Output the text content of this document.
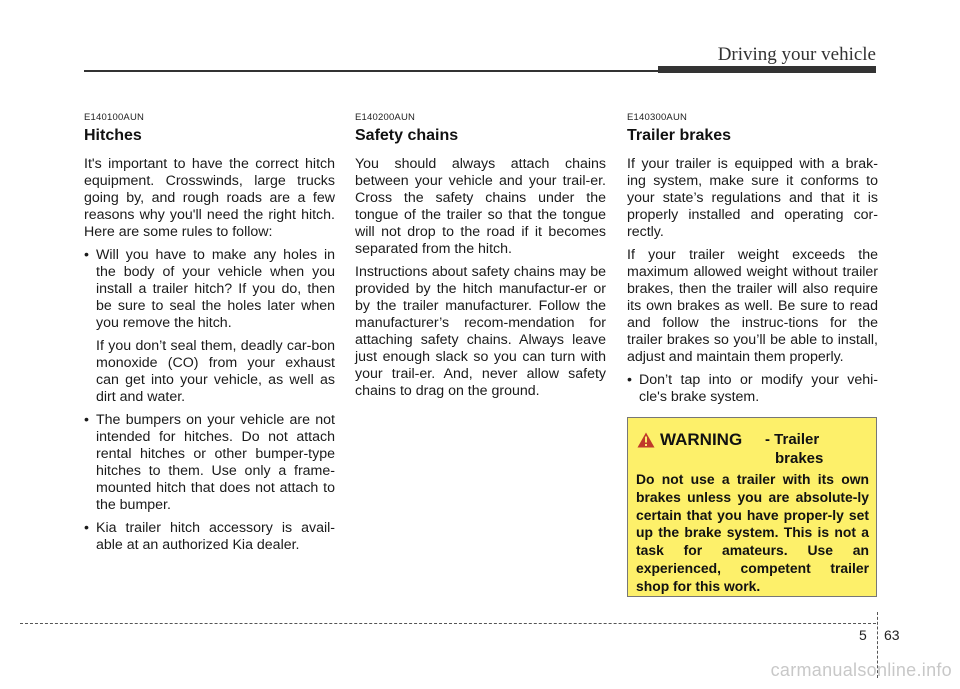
Driving your vehicle
E140100AUN
Hitches

It's important to have the correct hitch equipment. Crosswinds, large trucks going by, and rough roads are a few reasons why you'll need the right hitch. Here are some rules to follow:

• Will you have to make any holes in the body of your vehicle when you install a trailer hitch? If you do, then be sure to seal the holes later when you remove the hitch.

If you don’t seal them, deadly car-bon monoxide (CO) from your exhaust can get into your vehicle, as well as dirt and water.

• The bumpers on your vehicle are not intended for hitches. Do not attach rental hitches or other bumper-type hitches to them. Use only a frame-mounted hitch that does not attach to the bumper.
• Kia trailer hitch accessory is avail-able at an authorized Kia dealer.
E140200AUN
Safety chains

You should always attach chains between your vehicle and your trail-er. Cross the safety chains under the tongue of the trailer so that the tongue will not drop to the road if it becomes separated from the hitch.

Instructions about safety chains may be provided by the hitch manufactur-er or by the trailer manufacturer. Follow the manufacturer’s recom-mendation for attaching safety chains. Always leave just enough slack so you can turn with your trail-er. And, never allow safety chains to drag on the ground.

E140300AUN
Trailer brakes

If your trailer is equipped with a brak-ing system, make sure it conforms to your state’s regulations and that it is properly installed and operating cor-rectly.

If your trailer weight exceeds the maximum allowed weight without trailer brakes, then the trailer will also require its own brakes as well. Be sure to read and follow the instruc-tions for the trailer brakes so you’ll be able to install, adjust and maintain them properly.

• Don’t tap into or modify your vehi-cle's brake system.
WARNING - Trailer
brakes

Do not use a trailer with its own brakes unless you are absolute-ly certain that you have proper-ly set up the brake system. This is not a task for amateurs. Use an experienced, competent trailer shop for this work.

5 63
carmanualsonline.info
